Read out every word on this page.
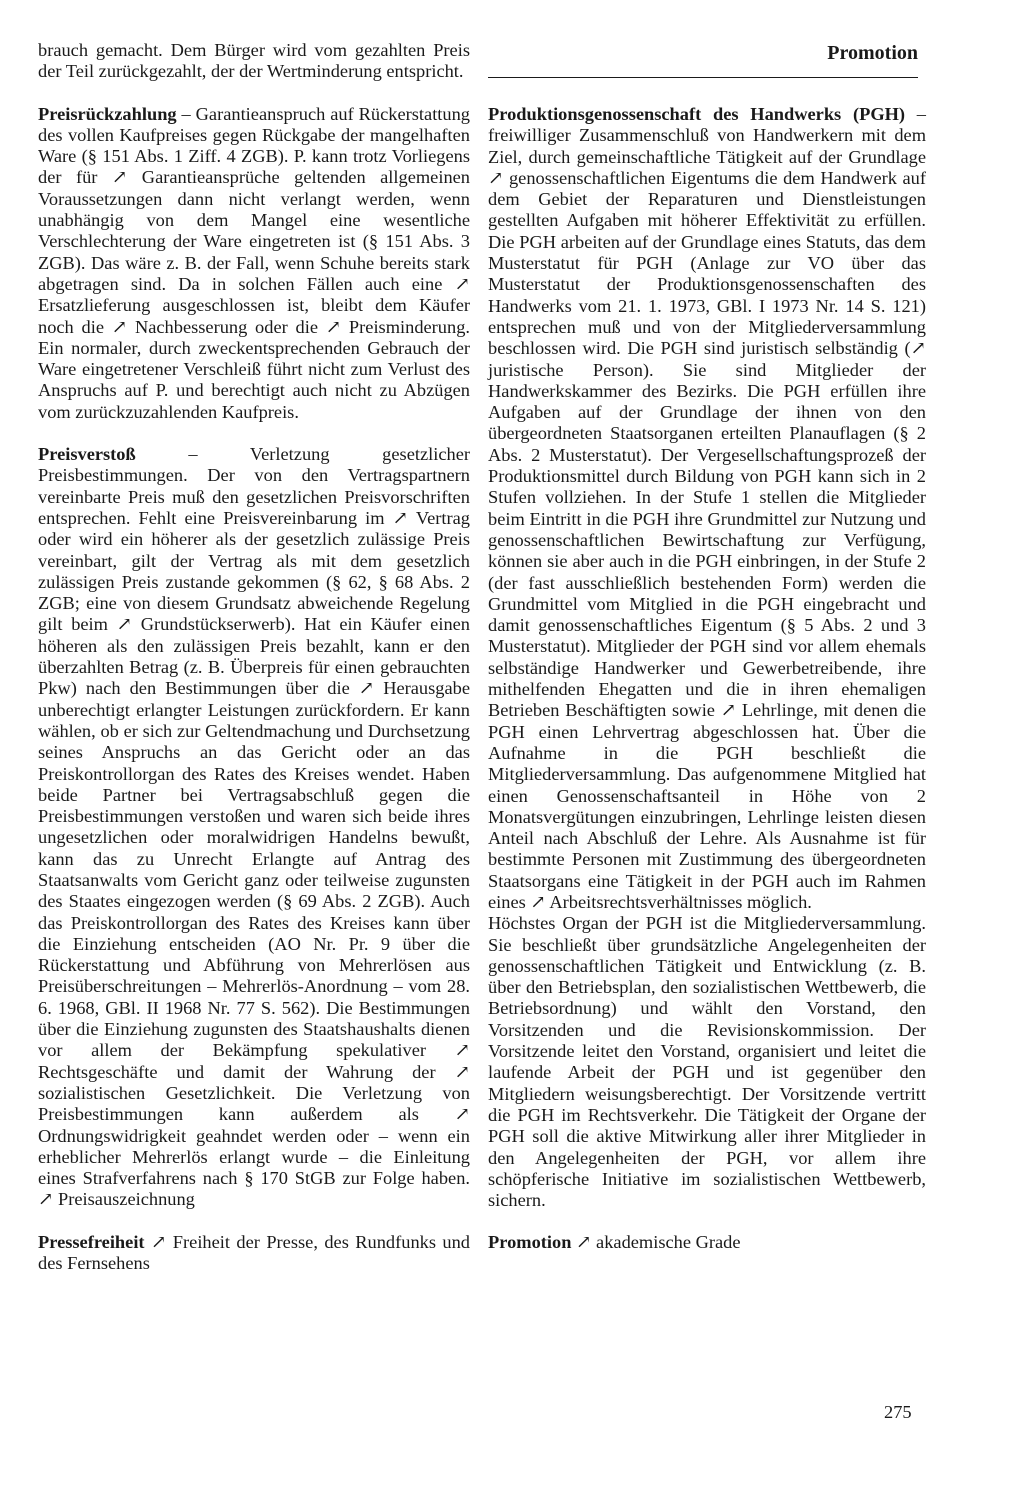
Promotion

brauch gemacht. Dem Bürger wird vom gezahlten Preis der Teil zurückgezahlt, der der Wertminderung entspricht.

Preisrückzahlung – Garantieanspruch auf Rückerstattung des vollen Kaufpreises gegen Rückgabe der mangelhaften Ware (§ 151 Abs. 1 Ziff. 4 ZGB). P. kann trotz Vorliegens der für ↗ Garantieansprüche geltenden allgemeinen Voraussetzungen dann nicht verlangt werden, wenn unabhängig von dem Mangel eine wesentliche Verschlechterung der Ware eingetreten ist (§ 151 Abs. 3 ZGB). Das wäre z. B. der Fall, wenn Schuhe bereits stark abgetragen sind. Da in solchen Fällen auch eine ↗ Ersatzlieferung ausgeschlossen ist, bleibt dem Käufer noch die ↗ Nachbesserung oder die ↗ Preisminderung. Ein normaler, durch zweckentsprechenden Gebrauch der Ware eingetretener Verschleiß führt nicht zum Verlust des Anspruchs auf P. und berechtigt auch nicht zu Abzügen vom zurückzuzahlenden Kaufpreis.

Preisverstoß – Verletzung gesetzlicher Preisbestimmungen. Der von den Vertragspartnern vereinbarte Preis muß den gesetzlichen Preisvorschriften entsprechen. Fehlt eine Preisvereinbarung im ↗ Vertrag oder wird ein höherer als der gesetzlich zulässige Preis vereinbart, gilt der Vertrag als mit dem gesetzlich zulässigen Preis zustande gekommen (§ 62, § 68 Abs. 2 ZGB; eine von diesem Grundsatz abweichende Regelung gilt beim ↗ Grundstückserwerb). Hat ein Käufer einen höheren als den zulässigen Preis bezahlt, kann er den überzahlten Betrag (z. B. Überpreis für einen gebrauchten Pkw) nach den Bestimmungen über die ↗ Herausgabe unberechtigt erlangter Leistungen zurückfordern. Er kann wählen, ob er sich zur Geltendmachung und Durchsetzung seines Anspruchs an das Gericht oder an das Preiskontrollorgan des Rates des Kreises wendet. Haben beide Partner bei Vertragsabschluß gegen die Preisbestimmungen verstoßen und waren sich beide ihres ungesetzlichen oder moralwidrigen Handelns bewußt, kann das zu Unrecht Erlangte auf Antrag des Staatsanwalts vom Gericht ganz oder teilweise zugunsten des Staates eingezogen werden (§ 69 Abs. 2 ZGB). Auch das Preiskontrollorgan des Rates des Kreises kann über die Einziehung entscheiden (AO Nr. Pr. 9 über die Rückerstattung und Abführung von Mehrerlösen aus Preisüberschreitungen – Mehrerlös-Anordnung – vom 28. 6. 1968, GBl. II 1968 Nr. 77 S. 562). Die Bestimmungen über die Einziehung zugunsten des Staatshaushalts dienen vor allem der Bekämpfung spekulativer ↗ Rechtsgeschäfte und damit der Wahrung der ↗ sozialistischen Gesetzlichkeit. Die Verletzung von Preisbestimmungen kann außerdem als ↗ Ordnungswidrigkeit geahndet werden oder – wenn ein erheblicher Mehrerlös erlangt wurde – die Einleitung eines Strafverfahrens nach § 170 StGB zur Folge haben. ↗ Preisauszeichnung

Pressefreiheit ↗ Freiheit der Presse, des Rundfunks und des Fernsehens

Produktionsgenossenschaft des Handwerks (PGH) – freiwilliger Zusammenschluß von Handwerkern mit dem Ziel, durch gemeinschaftliche Tätigkeit auf der Grundlage ↗ genossenschaftlichen Eigentums die dem Handwerk auf dem Gebiet der Reparaturen und Dienstleistungen gestellten Aufgaben mit höherer Effektivität zu erfüllen. Die PGH arbeiten auf der Grundlage eines Statuts, das dem Musterstatut für PGH (Anlage zur VO über das Musterstatut der Produktionsgenossenschaften des Handwerks vom 21. 1. 1973, GBl. I 1973 Nr. 14 S. 121) entsprechen muß und von der Mitgliederversammlung beschlossen wird. Die PGH sind juristisch selbständig (↗ juristische Person). Sie sind Mitglieder der Handwerkskammer des Bezirks. Die PGH erfüllen ihre Aufgaben auf der Grundlage der ihnen von den übergeordneten Staatsorganen erteilten Planauflagen (§ 2 Abs. 2 Musterstatut). Der Vergesellschaftungsprozeß der Produktionsmittel durch Bildung von PGH kann sich in 2 Stufen vollziehen. In der Stufe 1 stellen die Mitglieder beim Eintritt in die PGH ihre Grundmittel zur Nutzung und genossenschaftlichen Bewirtschaftung zur Verfügung, können sie aber auch in die PGH einbringen, in der Stufe 2 (der fast ausschließlich bestehenden Form) werden die Grundmittel vom Mitglied in die PGH eingebracht und damit genossenschaftliches Eigentum (§ 5 Abs. 2 und 3 Musterstatut). Mitglieder der PGH sind vor allem ehemals selbständige Handwerker und Gewerbetreibende, ihre mithelfenden Ehegatten und die in ihren ehemaligen Betrieben Beschäftigten sowie ↗ Lehrlinge, mit denen die PGH einen Lehrvertrag abgeschlossen hat. Über die Aufnahme in die PGH beschließt die Mitgliederversammlung. Das aufgenommene Mitglied hat einen Genossenschaftsanteil in Höhe von 2 Monatsvergütungen einzubringen, Lehrlinge leisten diesen Anteil nach Abschluß der Lehre. Als Ausnahme ist für bestimmte Personen mit Zustimmung des übergeordneten Staatsorgans eine Tätigkeit in der PGH auch im Rahmen eines ↗ Arbeitsrechtsverhältnisses möglich.

Höchstes Organ der PGH ist die Mitgliederversammlung. Sie beschließt über grundsätzliche Angelegenheiten der genossenschaftlichen Tätigkeit und Entwicklung (z. B. über den Betriebsplan, den sozialistischen Wettbewerb, die Betriebsordnung) und wählt den Vorstand, den Vorsitzenden und die Revisionskommission. Der Vorsitzende leitet den Vorstand, organisiert und leitet die laufende Arbeit der PGH und ist gegenüber den Mitgliedern weisungsberechtigt. Der Vorsitzende vertritt die PGH im Rechtsverkehr. Die Tätigkeit der Organe der PGH soll die aktive Mitwirkung aller ihrer Mitglieder in den Angelegenheiten der PGH, vor allem ihre schöpferische Initiative im sozialistischen Wettbewerb, sichern.

Promotion ↗ akademische Grade

275
